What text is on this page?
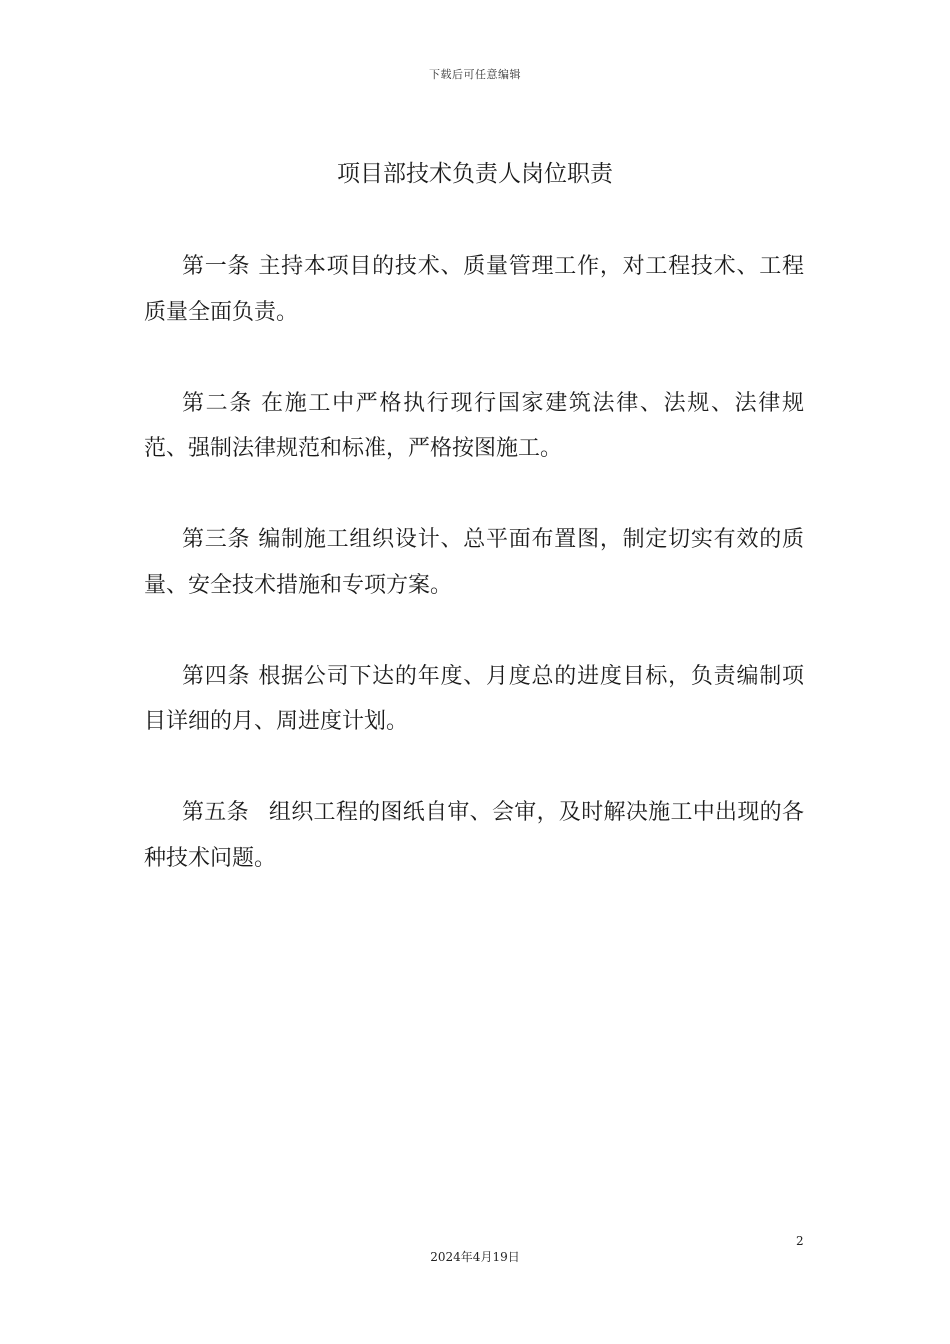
下载后可任意编辑
项目部技术负责人岗位职责

第一条 主持本项目的技术、质量管理工作，对工程技术、工程质量全面负责。

第二条 在施工中严格执行现行国家建筑法律、法规、法律规范、强制法律规范和标准，严格按图施工。

第三条 编制施工组织设计、总平面布置图，制定切实有效的质量、安全技术措施和专项方案。

第四条 根据公司下达的年度、月度总的进度目标，负责编制项目详细的月、周进度计划。

第五条 组织工程的图纸自审、会审，及时解决施工中出现的各种技术问题。

2
2024年4月19日
